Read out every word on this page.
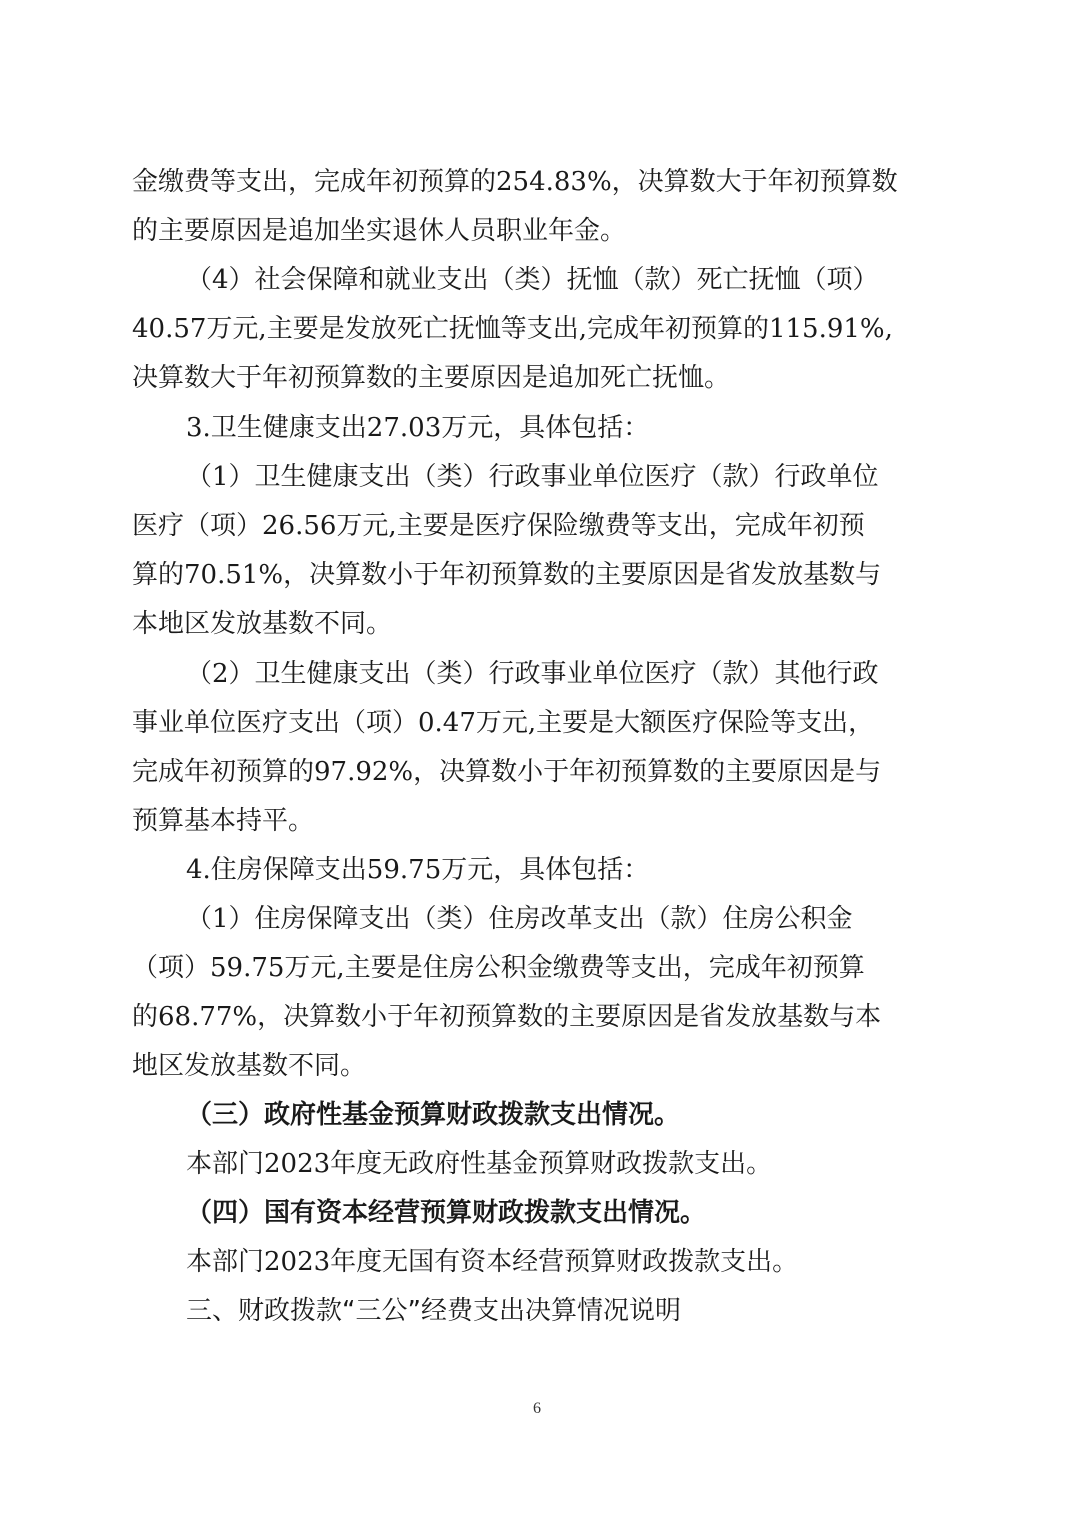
金缴费等支出，完成年初预算的254.83%，决算数大于年初预算数
的主要原因是追加坐实退休人员职业年金。
（4）社会保障和就业支出（类）抚恤（款）死亡抚恤（项）
40.57万元,主要是发放死亡抚恤等支出,完成年初预算的115.91%,
决算数大于年初预算数的主要原因是追加死亡抚恤。
3.卫生健康支出27.03万元，具体包括：
（1）卫生健康支出（类）行政事业单位医疗（款）行政单位
医疗（项）26.56万元,主要是医疗保险缴费等支出，完成年初预
算的70.51%，决算数小于年初预算数的主要原因是省发放基数与
本地区发放基数不同。
（2）卫生健康支出（类）行政事业单位医疗（款）其他行政
事业单位医疗支出（项）0.47万元,主要是大额医疗保险等支出，
完成年初预算的97.92%，决算数小于年初预算数的主要原因是与
预算基本持平。
4.住房保障支出59.75万元，具体包括：
（1）住房保障支出（类）住房改革支出（款）住房公积金
（项）59.75万元,主要是住房公积金缴费等支出，完成年初预算
的68.77%，决算数小于年初预算数的主要原因是省发放基数与本
地区发放基数不同。
（三）政府性基金预算财政拨款支出情况。
本部门2023年度无政府性基金预算财政拨款支出。
（四）国有资本经营预算财政拨款支出情况。
本部门2023年度无国有资本经营预算财政拨款支出。
三、财政拨款“三公”经费支出决算情况说明
6
